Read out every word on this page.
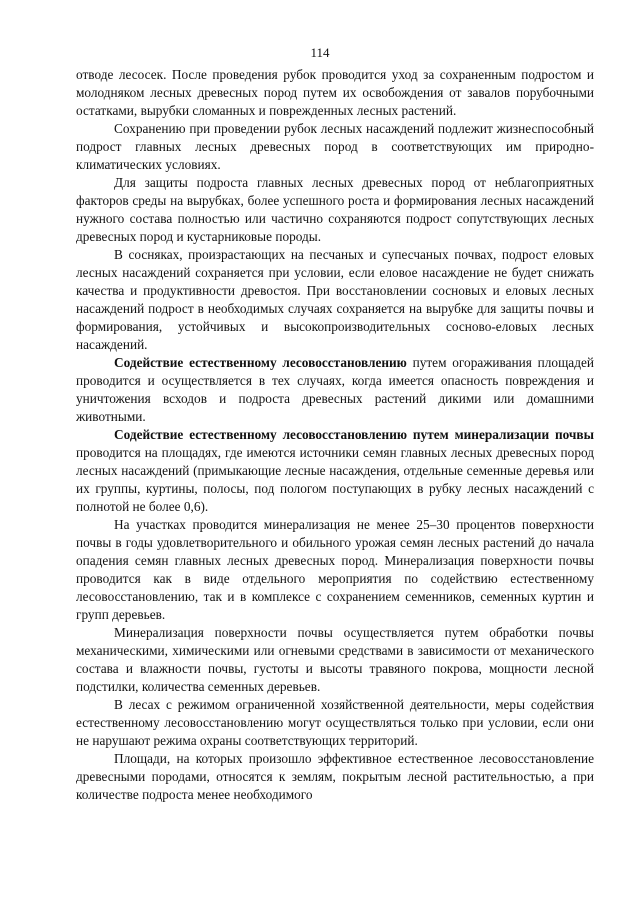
114

отводе лесосек. После проведения рубок проводится уход за сохраненным подростом и молодняком лесных древесных пород путем их освобождения от завалов порубочными остатками, вырубки сломанных и поврежденных лесных растений.

Сохранению при проведении рубок лесных насаждений подлежит жизнеспособный подрост главных лесных древесных пород в соответствующих им природно-климатических условиях.

Для защиты подроста главных лесных древесных пород от неблагоприятных факторов среды на вырубках, более успешного роста и формирования лесных насаждений нужного состава полностью или частично сохраняются подрост сопутствующих лесных древесных пород и кустарниковые породы.

В сосняках, произрастающих на песчаных и супесчаных почвах, подрост еловых лесных насаждений сохраняется при условии, если еловое насаждение не будет снижать качества и продуктивности древостоя. При восстановлении сосновых и еловых лесных насаждений подрост в необходимых случаях сохраняется на вырубке для защиты почвы и формирования, устойчивых и высокопроизводительных сосново-еловых лесных насаждений.

Содействие естественному лесовосстановлению путем огораживания площадей проводится и осуществляется в тех случаях, когда имеется опасность повреждения и уничтожения всходов и подроста древесных растений дикими или домашними животными.

Содействие естественному лесовосстановлению путем минерализации почвы проводится на площадях, где имеются источники семян главных лесных древесных пород лесных насаждений (примыкающие лесные насаждения, отдельные семенные деревья или их группы, куртины, полосы, под пологом поступающих в рубку лесных насаждений с полнотой не более 0,6).

На участках проводится минерализация не менее 25–30 процентов поверхности почвы в годы удовлетворительного и обильного урожая семян лесных растений до начала опадения семян главных лесных древесных пород. Минерализация поверхности почвы проводится как в виде отдельного мероприятия по содействию естественному лесовосстановлению, так и в комплексе с сохранением семенников, семенных куртин и групп деревьев.

Минерализация поверхности почвы осуществляется путем обработки почвы механическими, химическими или огневыми средствами в зависимости от механического состава и влажности почвы, густоты и высоты травяного покрова, мощности лесной подстилки, количества семенных деревьев.

В лесах с режимом ограниченной хозяйственной деятельности, меры содействия естественному лесовосстановлению могут осуществляться только при условии, если они не нарушают режима охраны соответствующих территорий.

Площади, на которых произошло эффективное естественное лесовосстановление древесными породами, относятся к землям, покрытым лесной растительностью, а при количестве подроста менее необходимого
